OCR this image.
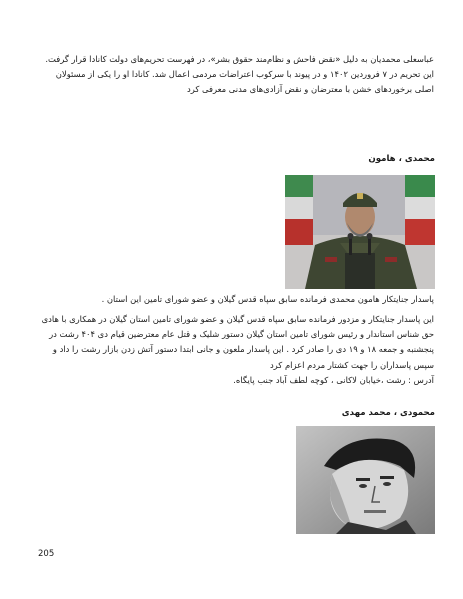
عباسعلی محمدیان به دلیل «نقض فاحش و نظام‌مند حقوق بشر»، در فهرست تحریم‌های دولت کانادا قرار گرفت. این تحریم در ۷ فروردین ۱۴۰۲ و در پیوند با سرکوب اعتراضات مردمی اعمال شد. کانادا او را یکی از مسئولان اصلی برخوردهای خشن با معترضان و نقض آزادی‌های مدنی معرفی کرد

محمدی ، هامون

پاسدار جنایتکار هامون محمدی فرمانده سابق سپاه قدس گیلان و عضو شورای تامین این استان .

این پاسدار جنایتکار و مزدور فرمانده سابق سپاه قدس گیلان و عضو شورای تامین استان گیلان در همکاری با هادی حق شناس استاندار و رئیس شورای تامین استان گیلان دستور شلیک و قتل عام معترضین قیام دی ۴۰۴ رشت در پنجشنبه و جمعه ۱۸ و ۱۹ دی را صادر کرد . این پاسدار ملعون و جانی ابتدا دستور آتش زدن بازار رشت را داد و سپس پاسداران را جهت کشتار مردم اعزام کرد
آدرس : رشت ،خیابان لاکانی ، کوچه لطف آباد جنب پایگاه.

محمودی ، محمد مهدی

205
